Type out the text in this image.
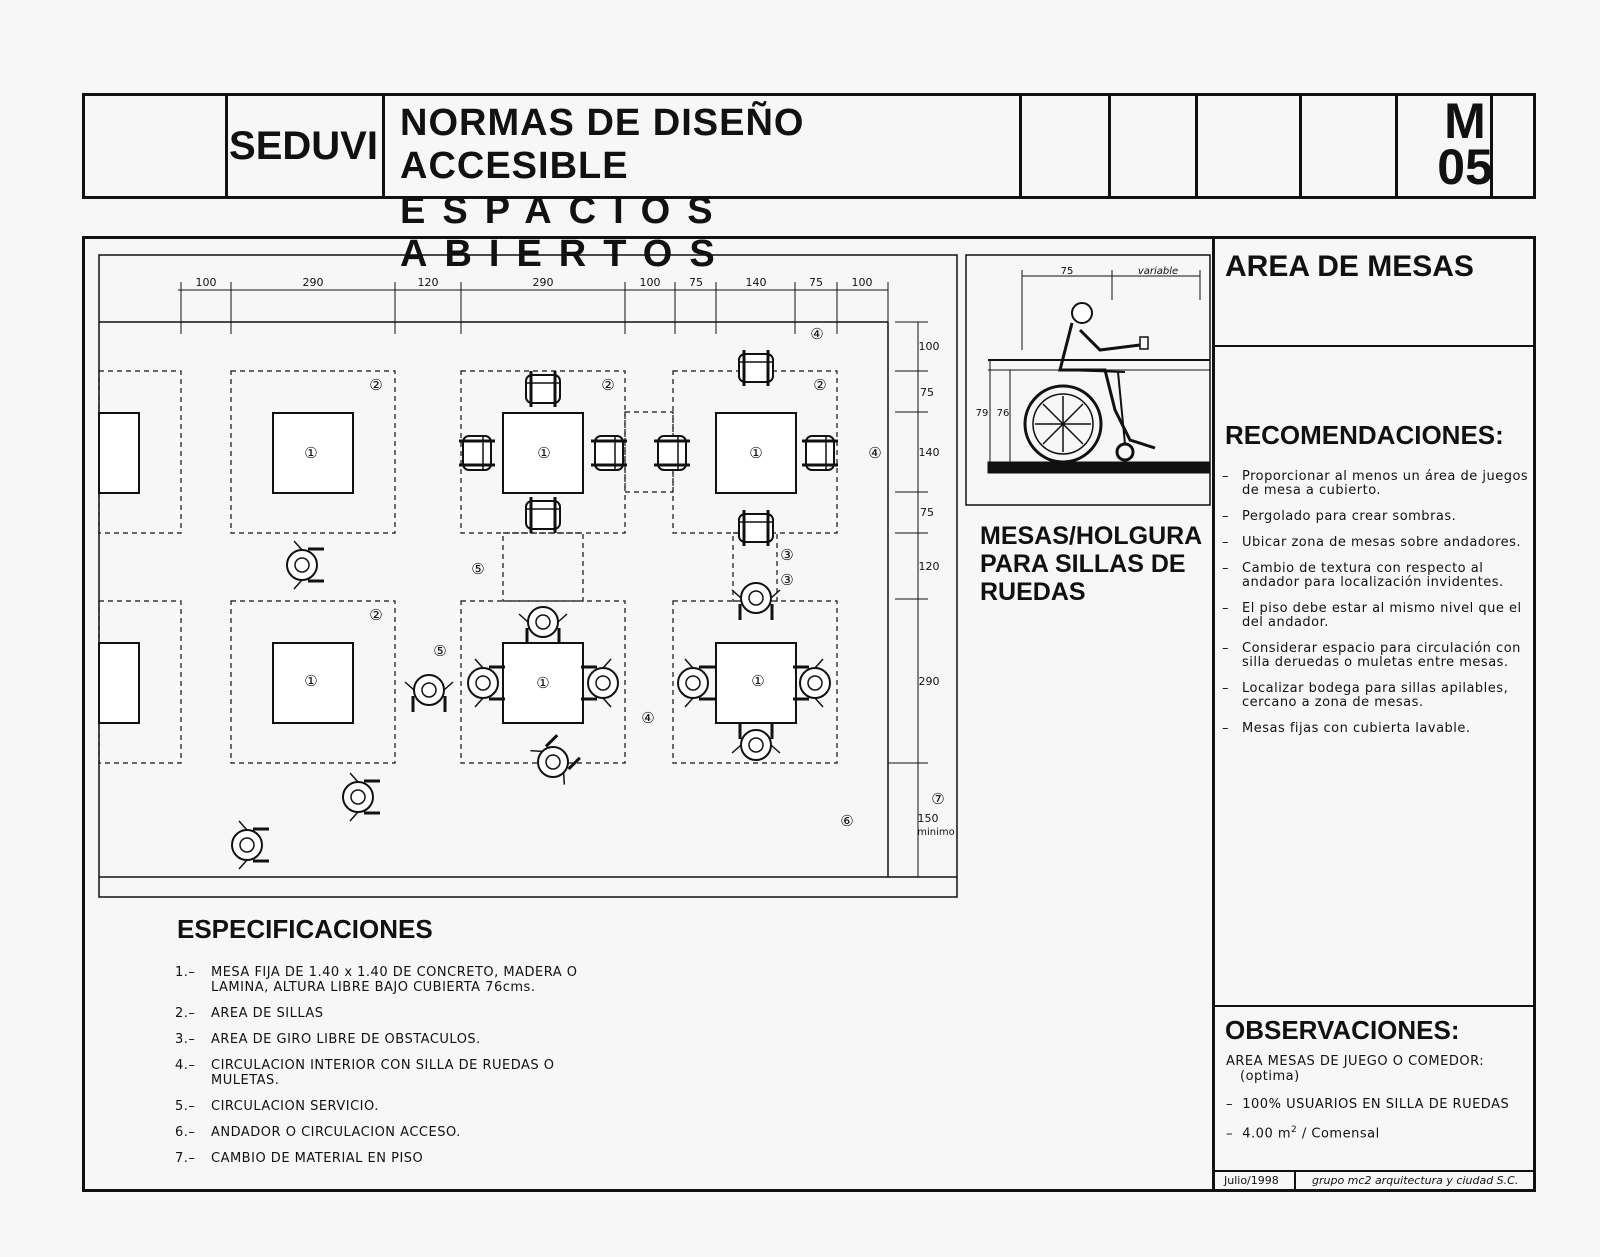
SEDUVI
NORMAS DE DISEÑO ACCESIBLE
ESPACIOS ABIERTOS
M
05
AREA DE MESAS
RECOMENDACIONES:
– Proporcionar al menos un área de juegos de mesa a cubierto.
– Pergolado para crear sombras.
– Ubicar zona de mesas sobre andadores.
– Cambio de textura con respecto al andador para localización invidentes.
– El piso debe estar al mismo nivel que el del andador.
– Considerar espacio para circulación con silla deruedas o muletas entre mesas.
– Localizar bodega para sillas apilables, cercano a zona de mesas.
– Mesas fijas con cubierta lavable.
OBSERVACIONES:
AREA MESAS DE JUEGO O COMEDOR:
(optima)
–  100% USUARIOS EN SILLA DE RUEDAS
–  4.00 $m^2$ / Comensal
Julio/1998	grupo mc2 arquitectura y ciudad S.C.
ESPECIFICACIONES
1.– MESA FIJA DE 1.40 x 1.40 DE CONCRETO, MADERA O LAMINA, ALTURA LIBRE BAJO CUBIERTA 76cms.
2.– AREA DE SILLAS
3.– AREA DE GIRO LIBRE DE OBSTACULOS.
4.– CIRCULACION INTERIOR CON SILLA DE RUEDAS O MULETAS.
5.– CIRCULACION SERVICIO.
6.– ANDADOR O CIRCULACION ACCESO.
7.– CAMBIO DE MATERIAL EN PISO
MESAS/HOLGURA PARA SILLAS DE RUEDAS
100	290	120	290	100	75	140	75	100
100
75
140
75
120
290
150
minimo
①	①	①
①	①	①
②	②	②
②
③
③
④
④
④
⑤
⑤
⑥
⑦
75	variable
79 76
